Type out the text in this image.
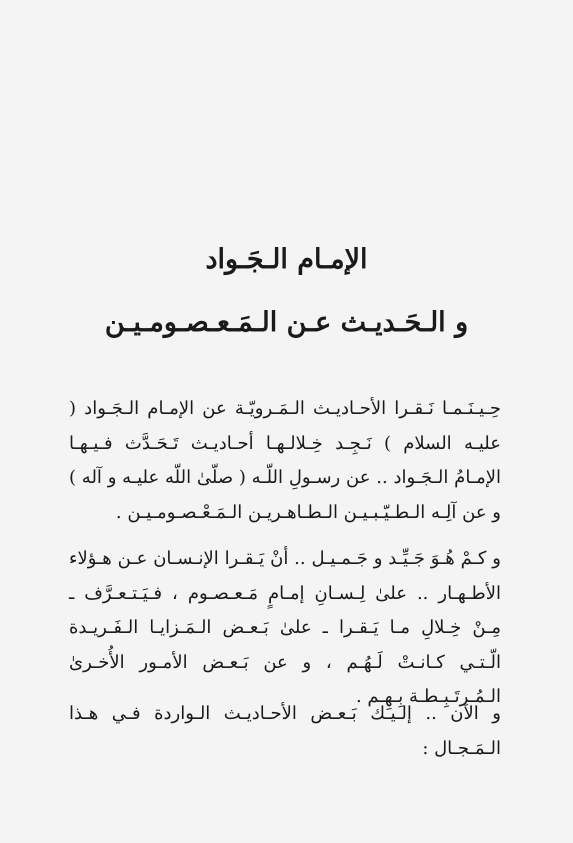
الإمـام الـجَـواد
و الـحَـديـث عـن الـمَـعـصـومـيـن

حِـيـنَـمـا نَـقـرا الأحـاديـث الـمَـرويّـة عن الإمـام الـجَـواد ( عليـه السلام ) نَـجِـد خِـلالـهـا أحـاديـث تَـحَـدَّث فـيـهـا الإمـامُ الـجَـواد .. عن رسـولِ اللّـه ( صلّىٰ اللّه عليـه و آله ) و عن آلِـه الـطـيّـبـيـن الـطـاهـريـن الـمَـعْـصـومـيـن .

و كـمْ هُـوَ جَـيِّـد و جَـمـيـل .. أنْ يَـقـرا الإنـسـان عـن هـؤلاء الأطـهـار .. علىٰ لِـسـانِ إمـامٍ مَـعـصـوم ، فـيَـتـعـرَّف ـ مِـنْ خِـلالِ مـا يَـقـرا ـ علىٰ بَـعـض الـمَـزايـا الـفَـريـدة الّـتـي كـانـتْ لَـهُـم ، و عن بَـعـض الأمـور الأُخـرىٰ الـمُـرتَـبِـطـة بِـهِـم .

و الآن .. إلـيـك بَـعـض الأحـاديـث الـواردة فـي هـذا الـمَـجـال :
